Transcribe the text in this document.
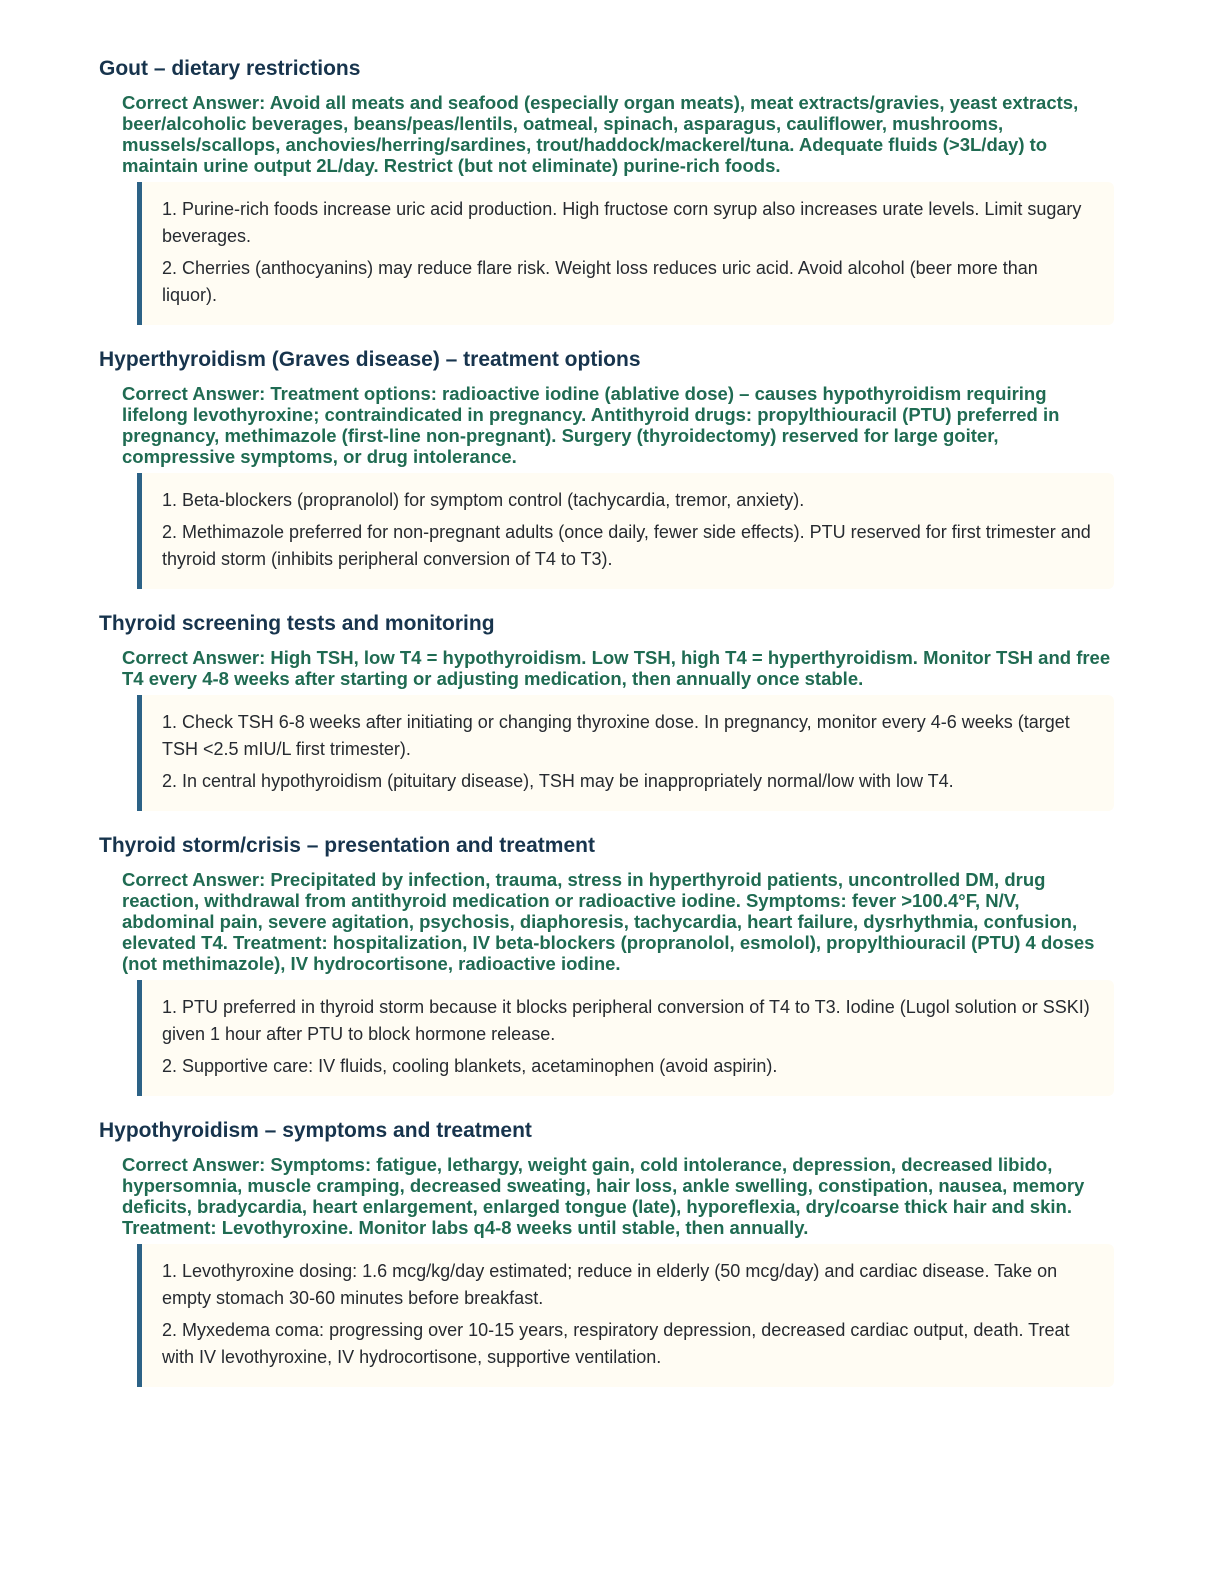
Gout – dietary restrictions
Correct Answer: Avoid all meats and seafood (especially organ meats), meat extracts/gravies, yeast extracts, beer/alcoholic beverages, beans/peas/lentils, oatmeal, spinach, asparagus, cauliflower, mushrooms, mussels/scallops, anchovies/herring/sardines, trout/haddock/mackerel/tuna. Adequate fluids (>3L/day) to maintain urine output 2L/day. Restrict (but not eliminate) purine-rich foods.

1. Purine-rich foods increase uric acid production. High fructose corn syrup also increases urate levels. Limit sugary beverages.

2. Cherries (anthocyanins) may reduce flare risk. Weight loss reduces uric acid. Avoid alcohol (beer more than liquor).

Hyperthyroidism (Graves disease) – treatment options
Correct Answer: Treatment options: radioactive iodine (ablative dose) – causes hypothyroidism requiring lifelong levothyroxine; contraindicated in pregnancy. Antithyroid drugs: propylthiouracil (PTU) preferred in pregnancy, methimazole (first-line non-pregnant). Surgery (thyroidectomy) reserved for large goiter, compressive symptoms, or drug intolerance.

1. Beta-blockers (propranolol) for symptom control (tachycardia, tremor, anxiety).

2. Methimazole preferred for non-pregnant adults (once daily, fewer side effects). PTU reserved for first trimester and thyroid storm (inhibits peripheral conversion of T4 to T3).

Thyroid screening tests and monitoring
Correct Answer: High TSH, low T4 = hypothyroidism. Low TSH, high T4 = hyperthyroidism. Monitor TSH and free T4 every 4-8 weeks after starting or adjusting medication, then annually once stable.

1. Check TSH 6-8 weeks after initiating or changing thyroxine dose. In pregnancy, monitor every 4-6 weeks (target TSH <2.5 mIU/L first trimester).

2. In central hypothyroidism (pituitary disease), TSH may be inappropriately normal/low with low T4.

Thyroid storm/crisis – presentation and treatment
Correct Answer: Precipitated by infection, trauma, stress in hyperthyroid patients, uncontrolled DM, drug reaction, withdrawal from antithyroid medication or radioactive iodine. Symptoms: fever >100.4°F, N/V, abdominal pain, severe agitation, psychosis, diaphoresis, tachycardia, heart failure, dysrhythmia, confusion, elevated T4. Treatment: hospitalization, IV beta-blockers (propranolol, esmolol), propylthiouracil (PTU) 4 doses (not methimazole), IV hydrocortisone, radioactive iodine.

1. PTU preferred in thyroid storm because it blocks peripheral conversion of T4 to T3. Iodine (Lugol solution or SSKI) given 1 hour after PTU to block hormone release.

2. Supportive care: IV fluids, cooling blankets, acetaminophen (avoid aspirin).

Hypothyroidism – symptoms and treatment
Correct Answer: Symptoms: fatigue, lethargy, weight gain, cold intolerance, depression, decreased libido, hypersomnia, muscle cramping, decreased sweating, hair loss, ankle swelling, constipation, nausea, memory deficits, bradycardia, heart enlargement, enlarged tongue (late), hyporeflexia, dry/coarse thick hair and skin. Treatment: Levothyroxine. Monitor labs q4-8 weeks until stable, then annually.

1. Levothyroxine dosing: 1.6 mcg/kg/day estimated; reduce in elderly (50 mcg/day) and cardiac disease. Take on empty stomach 30-60 minutes before breakfast.

2. Myxedema coma: progressing over 10-15 years, respiratory depression, decreased cardiac output, death. Treat with IV levothyroxine, IV hydrocortisone, supportive ventilation.
